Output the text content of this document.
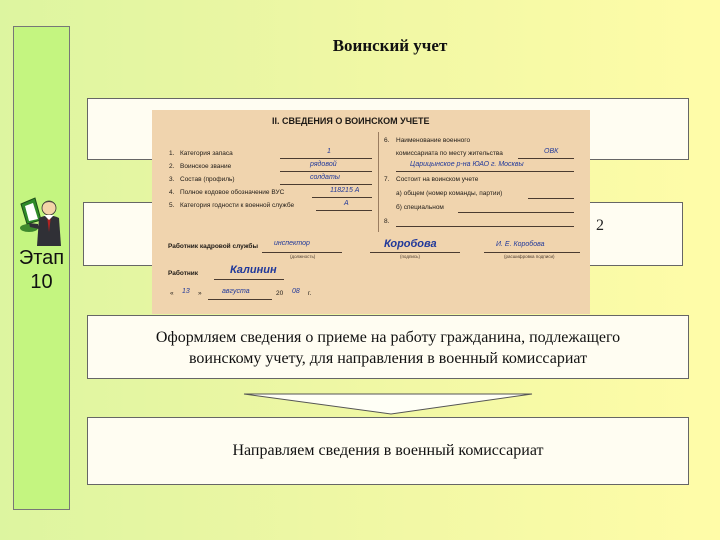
Этап
10
Воинский учет
2
II. СВЕДЕНИЯ О ВОИНСКОМ УЧЕТЕ
1. Категория запаса	1
2. Воинское звание	рядовой
3. Состав (профиль)	солдаты
4. Полное кодовое обозначение ВУС	118215 А
5. Категория годности к военной службе	А
6. Наименование военного
комиссариата по месту жительства	ОВК
Царицынское р-на ЮАО г. Москвы
7. Состоит на воинском учете
а) общем (номер команды, партии)
б) специальном
8.
Работник кадровой службы инспектор
(должность)
Коробова
(подпись)
И. Е. Коробова
(расшифровка подписи)
Работник	Калинин
« 13 »	августа	20 08 г.
Оформляем сведения о приеме на работу гражданина, подлежащего воинскому учету, для направления в военный комиссариат
Направляем сведения в военный комиссариат
